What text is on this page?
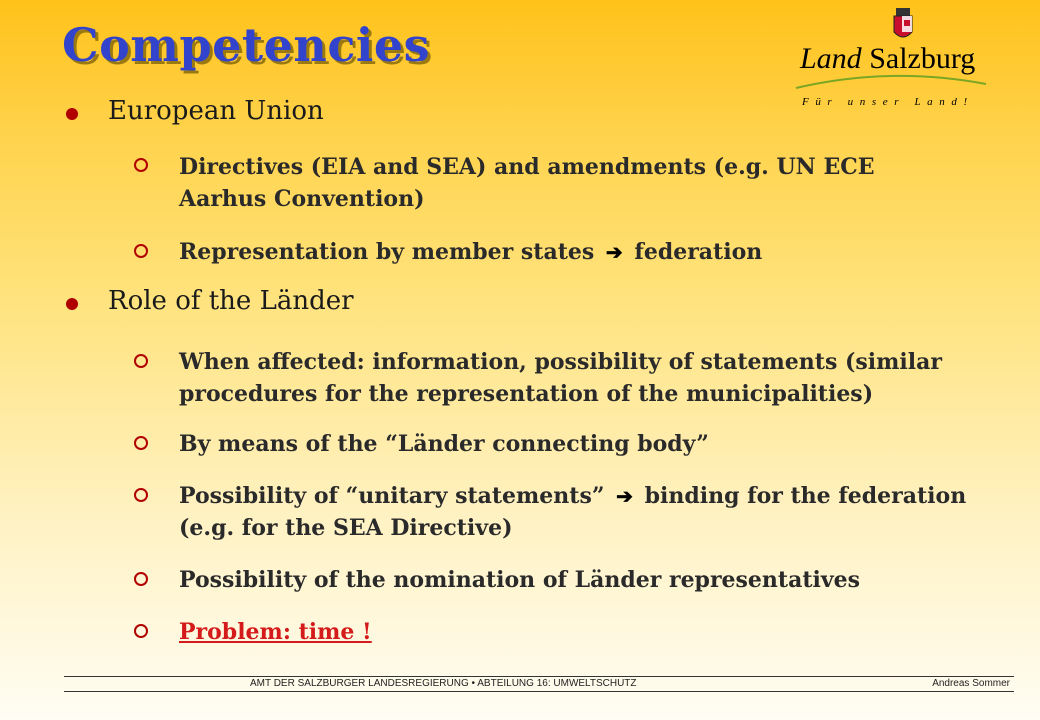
Competencies	Land Salzburg
Für unser Land!
European Union
Directives (EIA and SEA) and amendments (e.g. UN ECE
Aarhus Convention)
Representation by member states ➔ federation
Role of the Länder
When affected: information, possibility of statements (similar
procedures for the representation of the municipalities)
By means of the “Länder connecting body”
Possibility of “unitary statements” ➔ binding for the federation
(e.g. for the SEA Directive)
Possibility of the nomination of Länder representatives
Problem: time !
AMT DER SALZBURGER LANDESREGIERUNG • ABTEILUNG 16: UMWELTSCHUTZ	Andreas Sommer
